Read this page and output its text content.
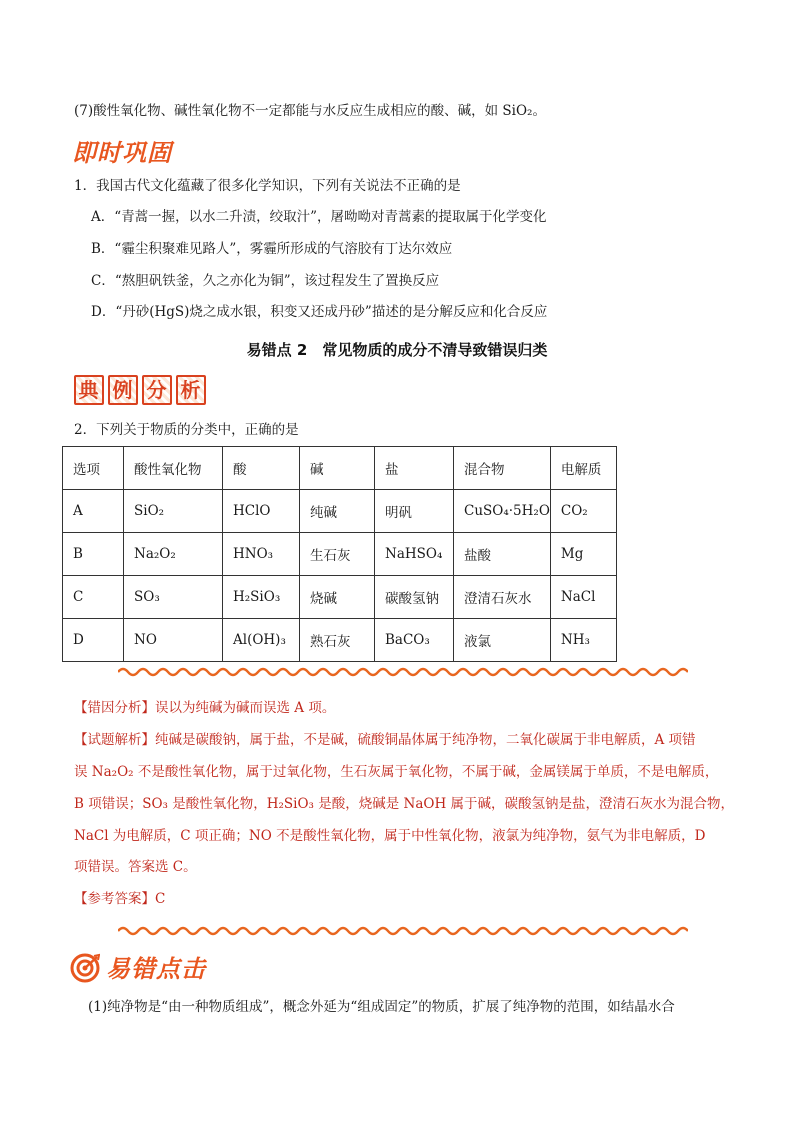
(7)酸性氧化物、碱性氧化物不一定都能与水反应生成相应的酸、碱，如 SiO₂。
即时巩固
1．我国古代文化蕴藏了很多化学知识，下列有关说法不正确的是
A．“青蒿一握，以水二升渍，绞取汁”，屠呦呦对青蒿素的提取属于化学变化
B．“霾尘积聚难见路人”，雾霾所形成的气溶胶有丁达尔效应
C．“熬胆矾铁釜，久之亦化为铜”，该过程发生了置换反应
D．“丹砂(HgS)烧之成水银，积变又还成丹砂”描述的是分解反应和化合反应
易错点 2　常见物质的成分不清导致错误归类
典 例 分 析
2．下列关于物质的分类中，正确的是
选项	酸性氧化物	酸	碱	盐	混合物	电解质
A	SiO₂	HClO	纯碱	明矾	CuSO₄·5H₂O	CO₂
B	Na₂O₂	HNO₃	生石灰	NaHSO₄	盐酸	Mg
C	SO₃	H₂SiO₃	烧碱	碳酸氢钠	澄清石灰水	NaCl
D	NO	Al(OH)₃	熟石灰	BaCO₃	液氯	NH₃
【错因分析】误以为纯碱为碱而误选 A 项。
【试题解析】纯碱是碳酸钠，属于盐，不是碱，硫酸铜晶体属于纯净物，二氧化碳属于非电解质，A 项错
误 Na₂O₂ 不是酸性氧化物，属于过氧化物，生石灰属于氧化物，不属于碱，金属镁属于单质，不是电解质，
B 项错误；SO₃ 是酸性氧化物，H₂SiO₃ 是酸，烧碱是 NaOH 属于碱，碳酸氢钠是盐，澄清石灰水为混合物，
NaCl 为电解质，C 项正确；NO 不是酸性氧化物，属于中性氧化物，液氯为纯净物，氨气为非电解质，D
项错误。答案选 C。
【参考答案】C
易错点击
(1)纯净物是“由一种物质组成”，概念外延为“组成固定”的物质，扩展了纯净物的范围，如结晶水合
